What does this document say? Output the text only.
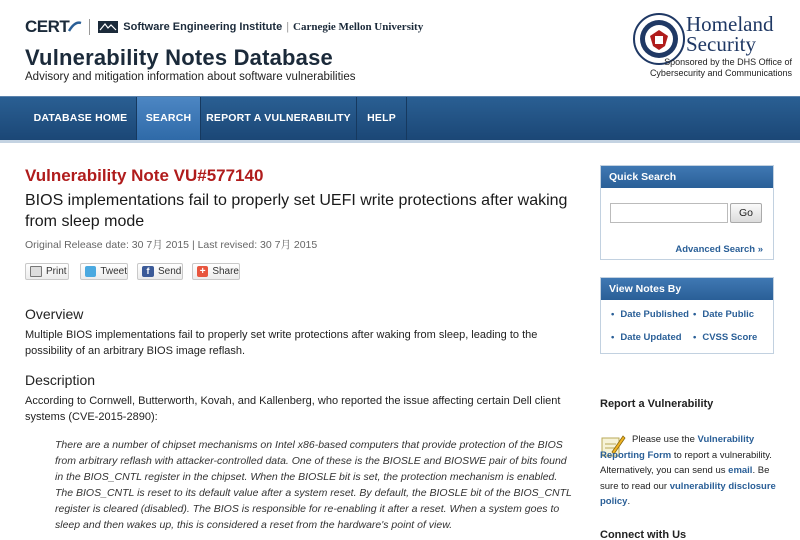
CERT	Software Engineering Institute | Carnegie Mellon University
Vulnerability Notes Database
Advisory and mitigation information about software vulnerabilities
Homeland
Security
Sponsored by the DHS Office of
Cybersecurity and Communications
DATABASE HOME	SEARCH	REPORT A VULNERABILITY	HELP
Vulnerability Note VU#577140
BIOS implementations fail to properly set UEFI write protections after waking from sleep mode
Original Release date: 30 7月 2015 | Last revised: 30 7月 2015
Print	Tweet	f Send + Share
Overview
Multiple BIOS implementations fail to properly set write protections after waking from sleep, leading to the possibility of an arbitrary BIOS image reflash.
Description
According to Cornwell, Butterworth, Kovah, and Kallenberg, who reported the issue affecting certain Dell client systems (CVE-2015-2890):
There are a number of chipset mechanisms on Intel x86-based computers that provide protection of the BIOS from arbitrary reflash with attacker-controlled data. One of these is the BIOSLE and BIOSWE pair of bits found in the BIOS_CNTL register in the chipset. When the BIOSLE bit is set, the protection mechanism is enabled. The BIOS_CNTL is reset to its default value after a system reset. By default, the BIOSLE bit of the BIOS_CNTL register is cleared (disabled). The BIOS is responsible for re-enabling it after a reset. When a system goes to sleep and then wakes up, this is considered a reset from the hardware's point of view.
Quick Search
Go
Advanced Search »
View Notes By
• Date Published	• Date Public
• Date Updated	• CVSS Score
Report a Vulnerability
Please use the Vulnerability Reporting Form to report a vulnerability. Alternatively, you can send us email. Be sure to read our vulnerability disclosure policy.
Connect with Us
